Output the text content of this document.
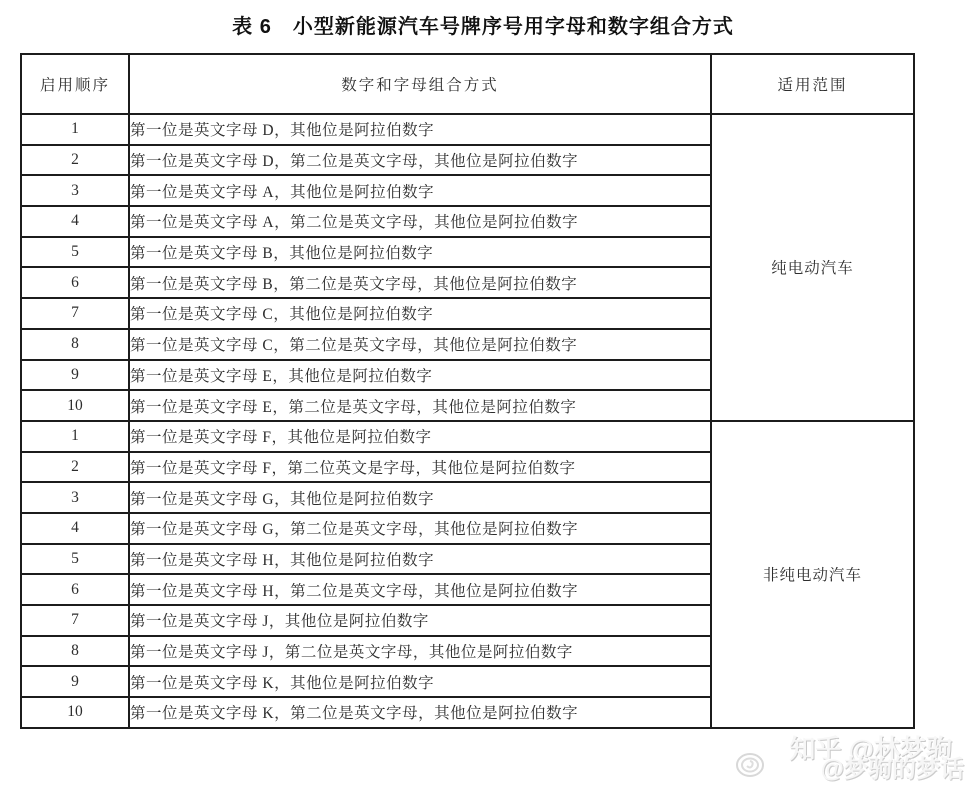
表 6　小型新能源汽车号牌序号用字母和数字组合方式
启用顺序	数字和字母组合方式	适用范围
1	第一位是英文字母 D，其他位是阿拉伯数字	纯电动汽车
2	第一位是英文字母 D，第二位是英文字母，其他位是阿拉伯数字	
3	第一位是英文字母 A，其他位是阿拉伯数字	
4	第一位是英文字母 A，第二位是英文字母，其他位是阿拉伯数字	
5	第一位是英文字母 B，其他位是阿拉伯数字	
6	第一位是英文字母 B，第二位是英文字母，其他位是阿拉伯数字	
7	第一位是英文字母 C，其他位是阿拉伯数字	
8	第一位是英文字母 C，第二位是英文字母，其他位是阿拉伯数字	
9	第一位是英文字母 E，其他位是阿拉伯数字	
10	第一位是英文字母 E，第二位是英文字母，其他位是阿拉伯数字	
1	第一位是英文字母 F，其他位是阿拉伯数字	非纯电动汽车
2	第一位是英文字母 F，第二位英文是字母，其他位是阿拉伯数字	
3	第一位是英文字母 G，其他位是阿拉伯数字	
4	第一位是英文字母 G，第二位是英文字母，其他位是阿拉伯数字	
5	第一位是英文字母 H，其他位是阿拉伯数字	
6	第一位是英文字母 H，第二位是英文字母，其他位是阿拉伯数字	
7	第一位是英文字母 J，其他位是阿拉伯数字	
8	第一位是英文字母 J，第二位是英文字母，其他位是阿拉伯数字	
9	第一位是英文字母 K，其他位是阿拉伯数字	
10	第一位是英文字母 K，第二位是英文字母，其他位是阿拉伯数字	
知乎 @林梦驹
@梦驹的梦话
